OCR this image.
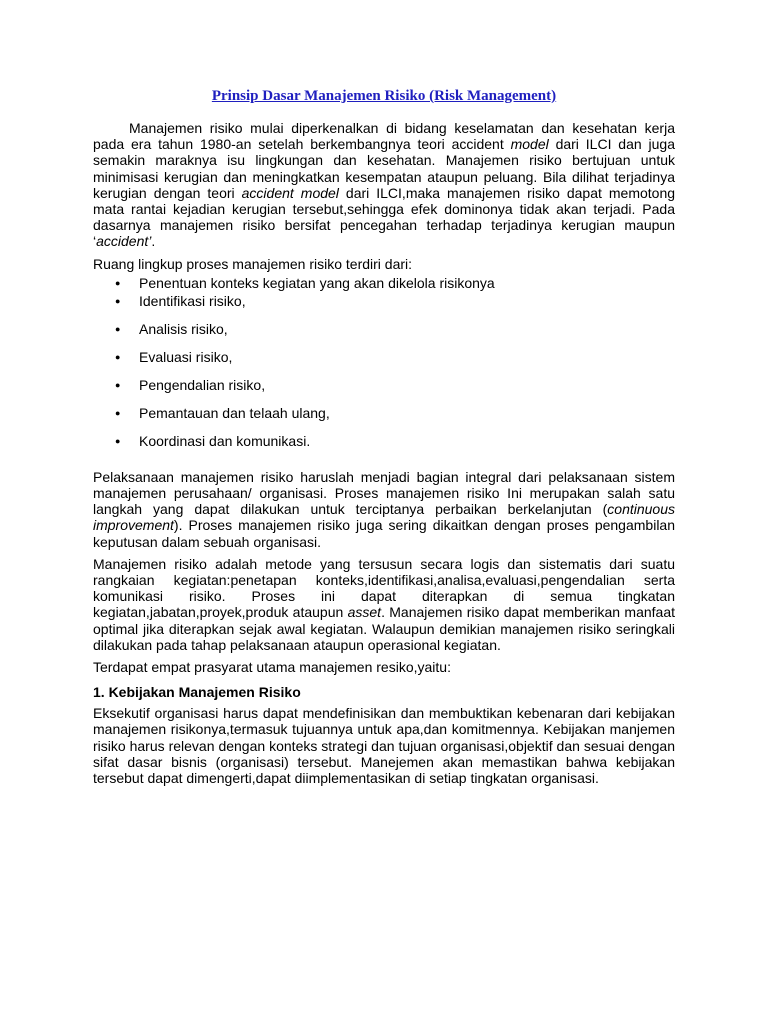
Prinsip Dasar Manajemen Risiko (Risk Management)

Manajemen risiko mulai diperkenalkan di bidang keselamatan dan kesehatan kerja pada era tahun 1980-an setelah berkembangnya teori accident model dari ILCI dan juga semakin maraknya isu lingkungan dan kesehatan. Manajemen risiko bertujuan untuk minimisasi kerugian dan meningkatkan kesempatan ataupun peluang. Bila dilihat terjadinya kerugian dengan teori accident model dari ILCI,maka manajemen risiko dapat memotong mata rantai kejadian kerugian tersebut,sehingga efek dominonya tidak akan terjadi. Pada dasarnya manajemen risiko bersifat pencegahan terhadap terjadinya kerugian maupun ‘accident’.

Ruang lingkup proses manajemen risiko terdiri dari:

● Penentuan konteks kegiatan yang akan dikelola risikonya
● Identifikasi risiko,
● Analisis risiko,
● Evaluasi risiko,
● Pengendalian risiko,
● Pemantauan dan telaah ulang,
● Koordinasi dan komunikasi.

Pelaksanaan manajemen risiko haruslah menjadi bagian integral dari pelaksanaan sistem manajemen perusahaan/ organisasi. Proses manajemen risiko Ini merupakan salah satu langkah yang dapat dilakukan untuk terciptanya perbaikan berkelanjutan (continuous improvement). Proses manajemen risiko juga sering dikaitkan dengan proses pengambilan keputusan dalam sebuah organisasi.

Manajemen risiko adalah metode yang tersusun secara logis dan sistematis dari suatu rangkaian kegiatan:penetapan konteks,identifikasi,analisa,evaluasi,pengendalian serta komunikasi risiko. Proses ini dapat diterapkan di semua tingkatan kegiatan,jabatan,proyek,produk ataupun asset. Manajemen risiko dapat memberikan manfaat optimal jika diterapkan sejak awal kegiatan. Walaupun demikian manajemen risiko seringkali dilakukan pada tahap pelaksanaan ataupun operasional kegiatan.

Terdapat empat prasyarat utama manajemen resiko,yaitu:

1. Kebijakan Manajemen Risiko

Eksekutif organisasi harus dapat mendefinisikan dan membuktikan kebenaran dari kebijakan manajemen risikonya,termasuk tujuannya untuk apa,dan komitmennya. Kebijakan manjemen risiko harus relevan dengan konteks strategi dan tujuan organisasi,objektif dan sesuai dengan sifat dasar bisnis (organisasi) tersebut. Manejemen akan memastikan bahwa kebijakan tersebut dapat dimengerti,dapat diimplementasikan di setiap tingkatan organisasi.
